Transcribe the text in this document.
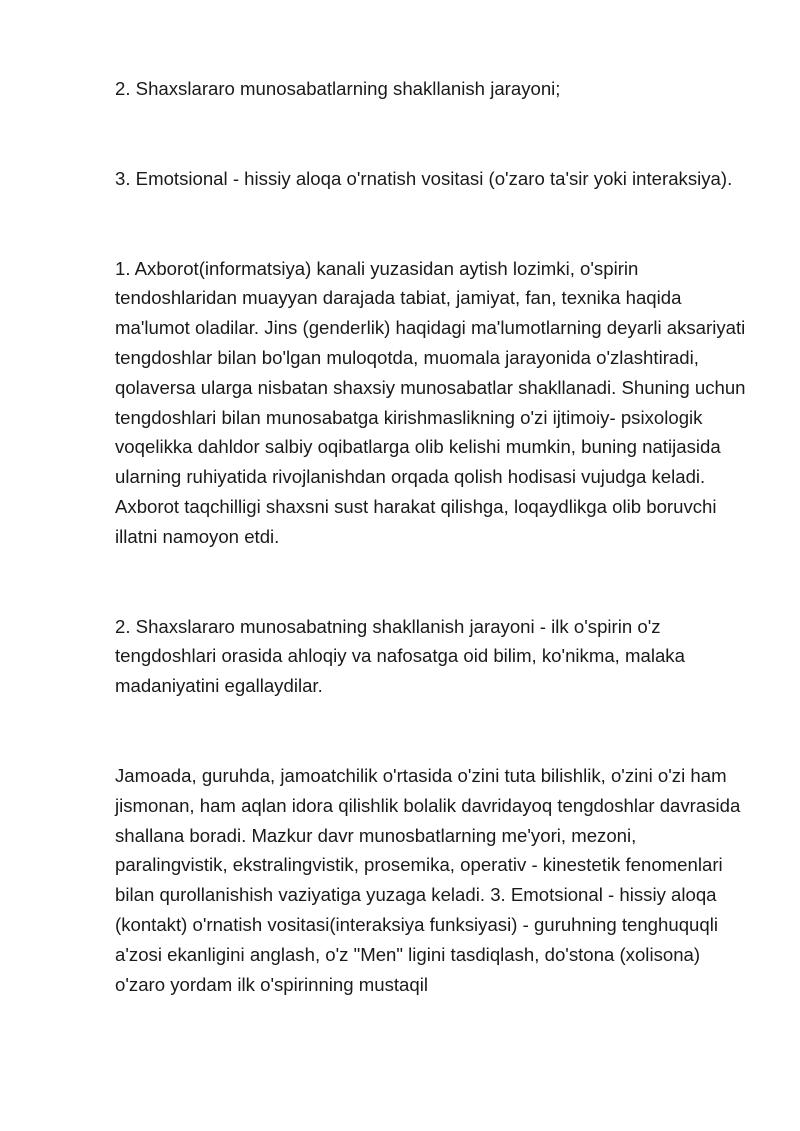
2. Shaxslararo munosabatlarning shakllanish jarayoni;

3. Emotsional - hissiy aloqa o'rnatish vositasi (o'zaro ta'sir yoki interaksiya).

1. Axborot(informatsiya) kanali yuzasidan aytish lozimki, o'spirin tendoshlaridan muayyan darajada tabiat, jamiyat, fan, texnika haqida ma'lumot oladilar. Jins (genderlik) haqidagi ma'lumotlarning deyarli aksariyati tengdoshlar bilan bo'lgan muloqotda, muomala jarayonida o'zlashtiradi, qolaversa ularga nisbatan shaxsiy munosabatlar shakllanadi. Shuning uchun tengdoshlari bilan munosabatga kirishmaslikning o'zi ijtimoiy- psixologik voqelikka dahldor salbiy oqibatlarga olib kelishi mumkin, buning natijasida ularning ruhiyatida rivojlanishdan orqada qolish hodisasi vujudga keladi. Axborot taqchilligi shaxsni sust harakat qilishga, loqaydlikga olib boruvchi illatni namoyon etdi.

2. Shaxslararo munosabatning shakllanish jarayoni - ilk o'spirin o'z tengdoshlari orasida ahloqiy va nafosatga oid bilim, ko'nikma, malaka madaniyatini egallaydilar.

Jamoada, guruhda, jamoatchilik o'rtasida o'zini tuta bilishlik, o'zini o'zi ham jismonan, ham aqlan idora qilishlik bolalik davridayoq tengdoshlar davrasida shallana boradi. Mazkur davr munosbatlarning me'yori, mezoni, paralingvistik, ekstralingvistik, prosemika, operativ - kinestetik fenomenlari bilan qurollanishish vaziyatiga yuzaga keladi. 3. Emotsional - hissiy aloqa (kontakt) o'rnatish vositasi(interaksiya funksiyasi) - guruhning tenghuquqli a'zosi ekanligini anglash, o'z "Men" ligini tasdiqlash, do'stona (xolisona) o'zaro yordam ilk o'spirinning mustaqil
